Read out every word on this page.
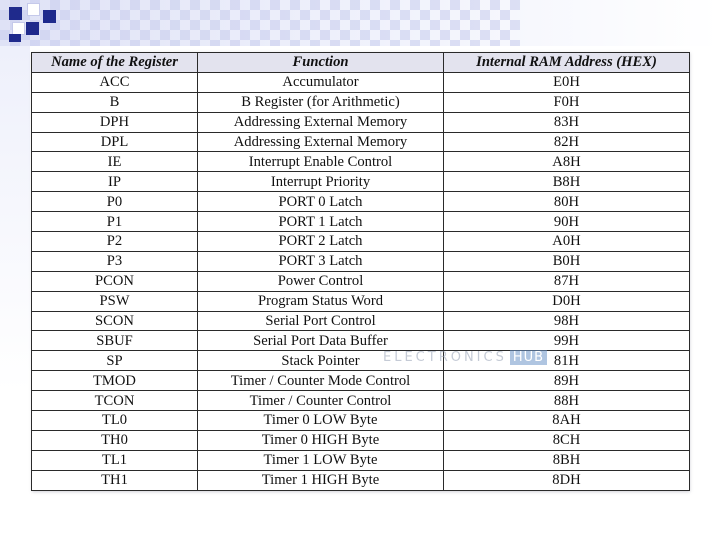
Name of the Register	Function	Internal RAM Address (HEX)
ACC	Accumulator	E0H
B	B Register (for Arithmetic)	F0H
DPH	Addressing External Memory	83H
DPL	Addressing External Memory	82H
IE	Interrupt Enable Control	A8H
IP	Interrupt Priority	B8H
P0	PORT 0 Latch	80H
P1	PORT 1 Latch	90H
P2	PORT 2 Latch	A0H
P3	PORT 3 Latch	B0H
PCON	Power Control	87H
PSW	Program Status Word	D0H
SCON	Serial Port Control	98H
SBUF	Serial Port Data Buffer	99H
SP	Stack Pointer	81H
TMOD	Timer / Counter Mode Control	89H
TCON	Timer / Counter Control	88H
TL0	Timer 0 LOW Byte	8AH
TH0	Timer 0 HIGH Byte	8CH
TL1	Timer 1 LOW Byte	8BH
TH1	Timer 1 HIGH Byte	8DH
ELECTRONICS HUB
